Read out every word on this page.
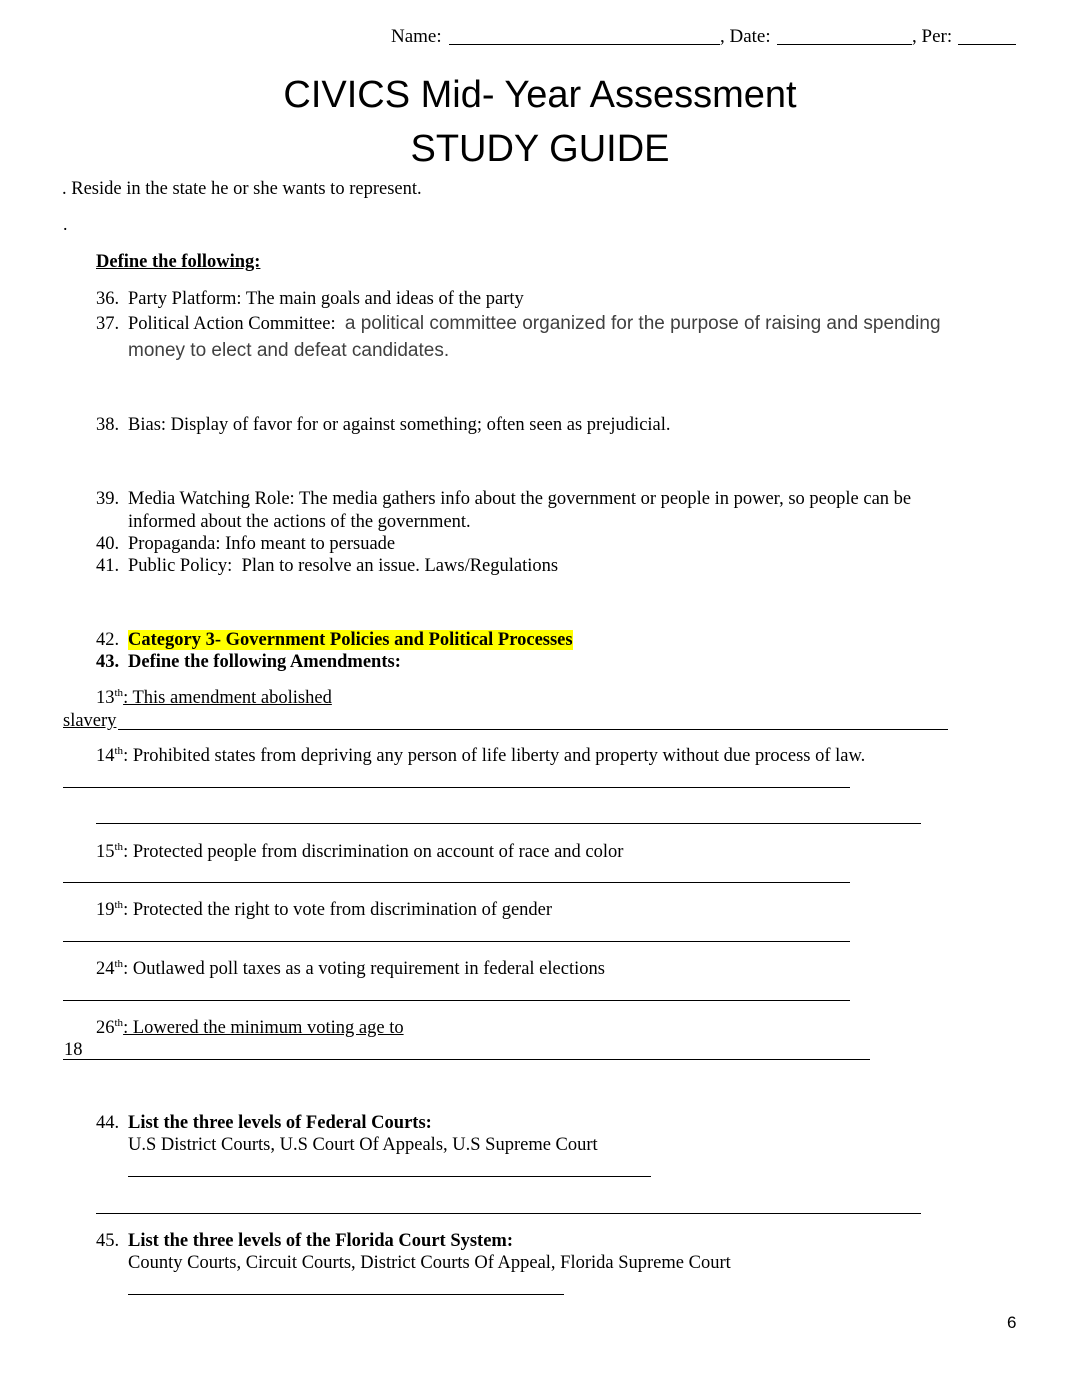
Name:	, Date:	, Per:
CIVICS Mid- Year Assessment
STUDY GUIDE
. Reside in the state he or she wants to represent.
.
Define the following:
36. Party Platform: The main goals and ideas of the party
37. Political Action Committee: a political committee organized for the purpose of raising and spending
money to elect and defeat candidates.
38. Bias: Display of favor for or against something; often seen as prejudicial.
39. Media Watching Role: The media gathers info about the government or people in power, so people can be
informed about the actions of the government.
40. Propaganda: Info meant to persuade
41. Public Policy: Plan to resolve an issue. Laws/Regulations
42. Category 3- Government Policies and Political Processes
43. Define the following Amendments:
13th: This amendment abolished
slavery
14th: Prohibited states from depriving any person of life liberty and property without due process of law.
15th: Protected people from discrimination on account of race and color
19th: Protected the right to vote from discrimination of gender
24th: Outlawed poll taxes as a voting requirement in federal elections
26th: Lowered the minimum voting age to
18
44. List the three levels of Federal Courts:
U.S District Courts, U.S Court Of Appeals, U.S Supreme Court
45. List the three levels of the Florida Court System:
County Courts, Circuit Courts, District Courts Of Appeal, Florida Supreme Court
6
